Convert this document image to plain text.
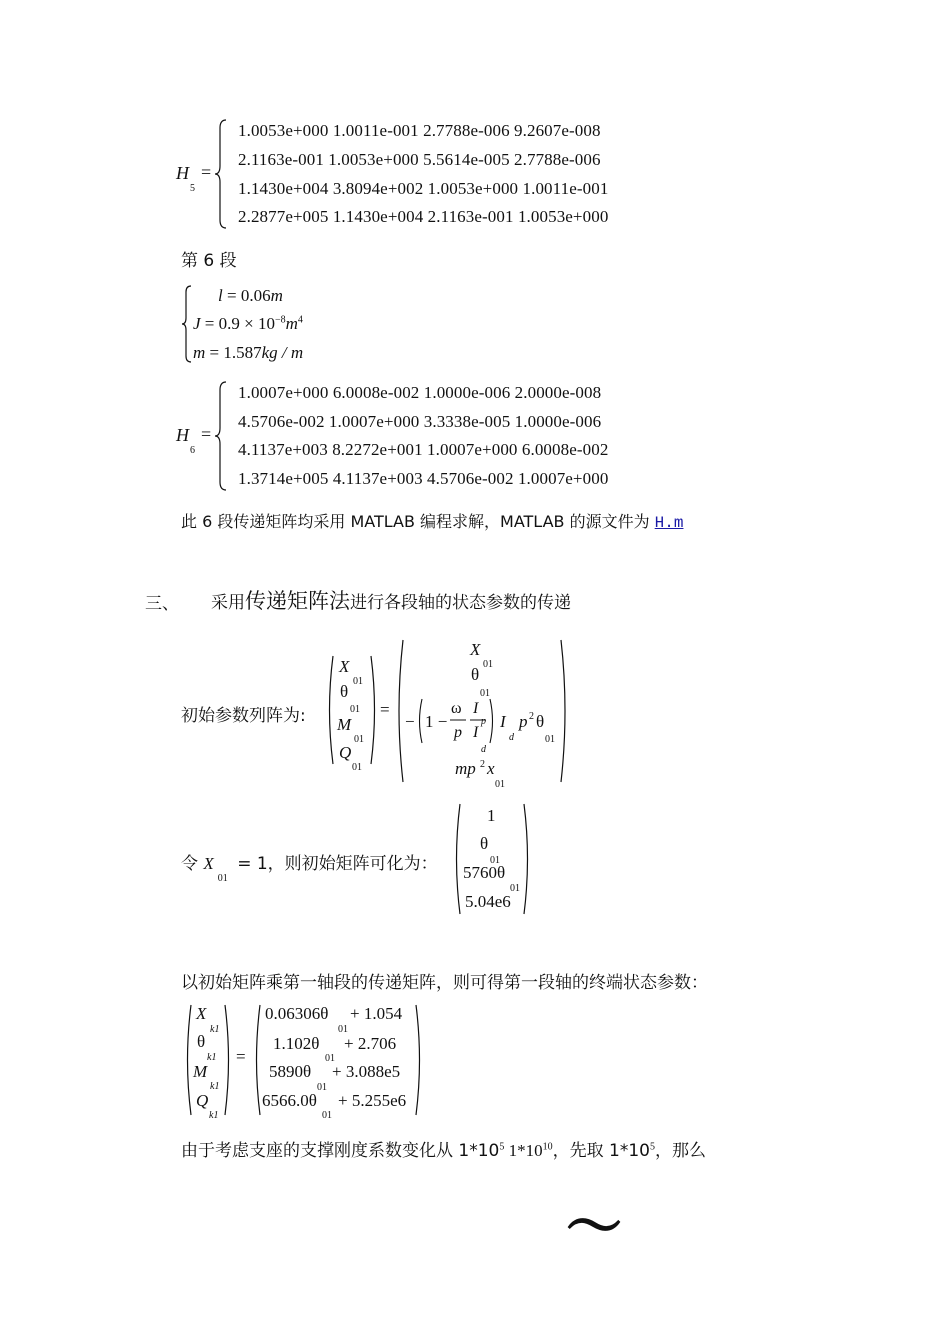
H
5
=
1.0053e+000 1.0011e-001 2.7788e-006 9.2607e-008
2.1163e-001 1.0053e+000 5.5614e-005 2.7788e-006
1.1430e+004 3.8094e+002 1.0053e+000 1.0011e-001
2.2877e+005 1.1430e+004 2.1163e-001 1.0053e+000
第 6 段
l = 0.06m
$J = 0.9 \times 10^{-8}m^4$
m = 1.587kg / m
H
6
=
1.0007e+000 6.0008e-002 1.0000e-006 2.0000e-008
4.5706e-002 1.0007e+000 3.3338e-005 1.0000e-006
4.1137e+003 8.2272e+001 1.0007e+000 6.0008e-002
1.3714e+005 4.1137e+003 4.5706e-002 1.0007e+000
此 6 段传递矩阵均采用 MATLAB 编程求解，MATLAB 的源文件为 H.m
三、 采用传递矩阵法进行各段轴的状态参数的传递
初始参数列阵为:
X
01
θ
01
M
01
Q
01
=
X
01
θ
01
− 1 −
ω
p
I
p
I
d
I
d
p 2 θ
01
mp 2 x
01
令 $X_{01} = 1$，则初始矩阵可化为：
1
θ
01
5760θ
01
5.04e6
以初始矩阵乘第一轴段的传递矩阵，则可得第一段轴的终端状态参数：
X
k1
θ
k1
M
k1
Q
k1
=
0.06306θ
01
+ 1.054
1.102θ
01
+ 2.706
5890θ
01
+ 3.088e5
6566.0θ
01
+ 5.255e6
由于考虑支座的支撑刚度系数变化从 $1*10^5$ $1*10^{10}$，先取 $1*10^5$，那么
〜
